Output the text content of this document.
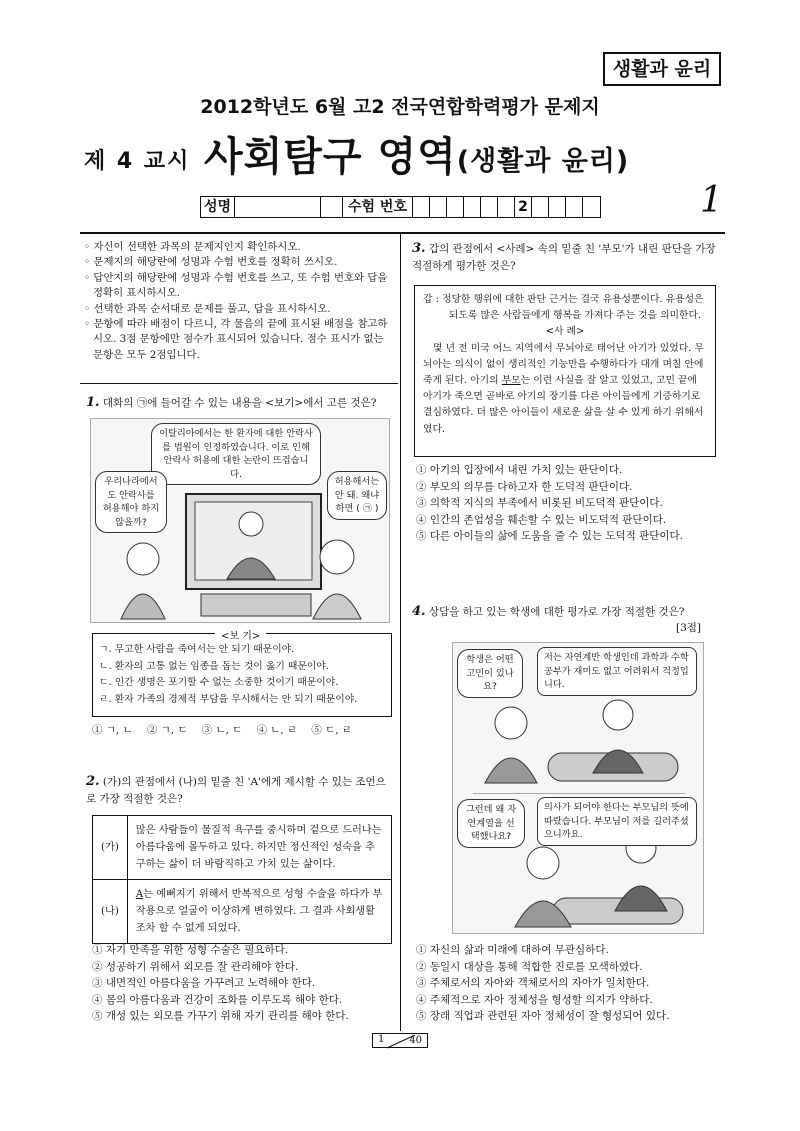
생활과 윤리
2012학년도 6월 고2 전국연합학력평가 문제지
제 4 교시 사회탐구 영역(생활과 윤리)
성명	수험 번호	2	1
◦ 자신이 선택한 과목의 문제지인지 확인하시오.
◦ 문제지의 해당란에 성명과 수험 번호를 정확히 쓰시오.
◦ 답안지의 해당란에 성명과 수험 번호를 쓰고, 또 수험 번호와 답을 정확히 표시하시오.
◦ 선택한 과목 순서대로 문제를 풀고, 답을 표시하시오.
◦ 문항에 따라 배점이 다르니, 각 물음의 끝에 표시된 배점을 참고하시오. 3점 문항에만 점수가 표시되어 있습니다. 점수 표시가 없는 문항은 모두 2점입니다.
1. 대화의 ㉠에 들어갈 수 있는 내용을 <보기>에서 고른 것은?
이탈리아에서는 한 환자에 대한 안락사를 법원이 인정하였습니다. 이로 인해 안락사 허용에 대한 논란이 뜨겁습니다.
우리나라에서도 안락사를 허용해야 하지 않을까?
허용해서는 안 돼. 왜냐하면 ( ㉠ )
ㄱ. 무고한 사람을 죽여서는 안 되기 때문이야.
ㄴ. 환자의 고통 없는 임종을 돕는 것이 옳기 때문이야.
ㄷ. 인간 생명은 포기할 수 없는 소중한 것이기 때문이야.
ㄹ. 환자 가족의 경제적 부담을 무시해서는 안 되기 때문이야.
<보 기>
① ㄱ, ㄴ ② ㄱ, ㄷ ③ ㄴ, ㄷ ④ ㄴ, ㄹ ⑤ ㄷ, ㄹ
2. (가)의 관점에서 (나)의 밑줄 친 'A'에게 제시할 수 있는 조언으로 가장 적절한 것은?
(가)	많은 사람들이 물질적 욕구를 중시하며 겉으로 드러나는 아름다움에 몰두하고 있다. 하지만 정신적인 성숙을 추구하는 삶이 더 바람직하고 가치 있는 삶이다.
(나)	A는 예뻐지기 위해서 반복적으로 성형 수술을 하다가 부작용으로 얼굴이 이상하게 변하였다. 그 결과 사회생활조차 할 수 없게 되었다.
① 자기 만족을 위한 성형 수술은 필요하다.
② 성공하기 위해서 외모를 잘 관리해야 한다.
③ 내면적인 아름다움을 가꾸려고 노력해야 한다.
④ 몸의 아름다움과 건강이 조화를 이루도록 해야 한다.
⑤ 개성 있는 외모를 가꾸기 위해 자기 관리를 해야 한다.
3. 갑의 관점에서 <사례> 속의 밑줄 친 '부모'가 내린 판단을 가장 적절하게 평가한 것은?
갑 : 정당한 행위에 대한 판단 근거는 결국 유용성뿐이다. 유용성은 되도록 많은 사람들에게 행복을 가져다 주는 것을 의미한다.
<사 례>
몇 년 전 미국 어느 지역에서 무뇌아로 태어난 아기가 있었다. 무뇌아는 의식이 없이 생리적인 기능만을 수행하다가 대개 며칠 안에 죽게 된다. 아기의 부모는 이런 사실을 잘 알고 있었고, 고민 끝에 아기가 죽으면 곧바로 아기의 장기를 다른 아이들에게 기증하기로 결심하였다. 더 많은 아이들이 새로운 삶을 살 수 있게 하기 위해서였다.
① 아기의 입장에서 내린 가치 있는 판단이다.
② 부모의 의무를 다하고자 한 도덕적 판단이다.
③ 의학적 지식의 부족에서 비롯된 비도덕적 판단이다.
④ 인간의 존엄성을 훼손할 수 있는 비도덕적 판단이다.
⑤ 다른 아이들의 삶에 도움을 줄 수 있는 도덕적 판단이다.
4. 상담을 하고 있는 학생에 대한 평가로 가장 적절한 것은?
[3점]
학생은 어떤 고민이 있나요?
저는 자연계반 학생인데 과학과 수학 공부가 재미도 없고 어려워서 걱정입니다.
그런데 왜 자연계열을 선택했나요?
의사가 되어야 한다는 부모님의 뜻에 따랐습니다. 부모님이 저를 길러주셨으니까요.
① 자신의 삶과 미래에 대하여 무관심하다.
② 동일시 대상을 통해 적합한 진로를 모색하였다.
③ 주체로서의 자아와 객체로서의 자아가 일치한다.
④ 주체적으로 자아 정체성을 형성할 의지가 약하다.
⑤ 장래 직업과 관련된 자아 정체성이 잘 형성되어 있다.
1 40
